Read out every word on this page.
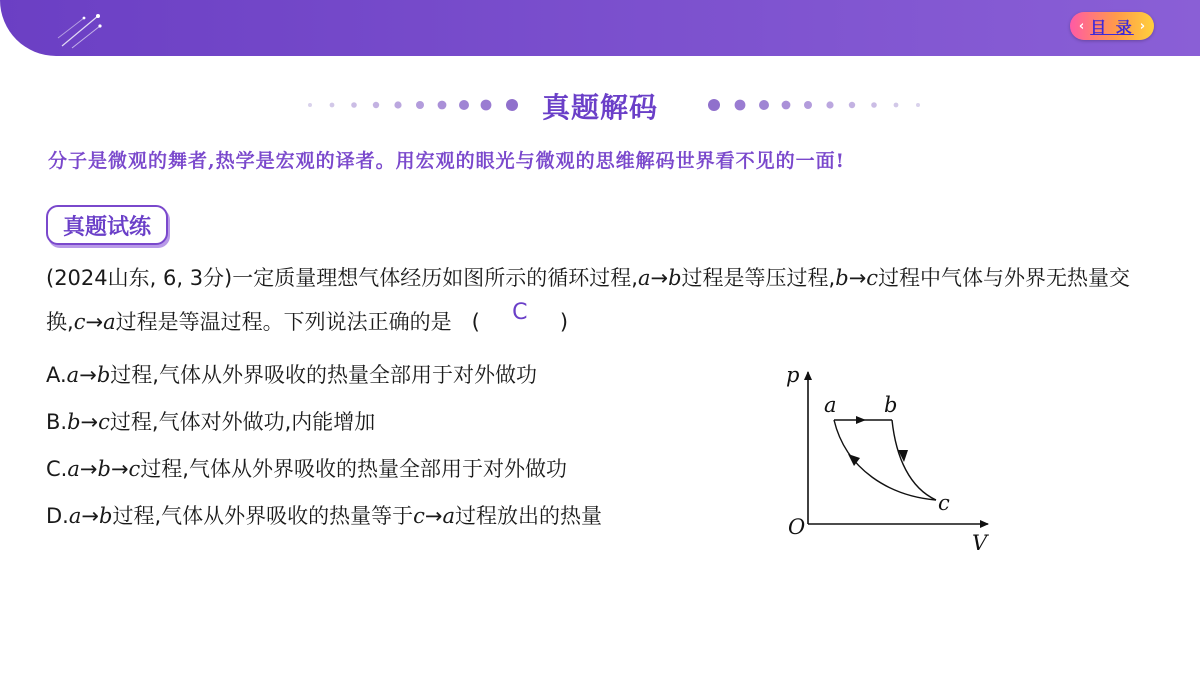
‹ 目 录 ›
真题解码
分子是微观的舞者,热学是宏观的译者。用宏观的眼光与微观的思维解码世界看不见的一面!
真题试练
(2024山东, 6, 3分)一定质量理想气体经历如图所示的循环过程,a→b过程是等压过程,b→c过程中气体与外界无热量交换,c→a过程是等温过程。下列说法正确的是 ( C )
A.a→b过程,气体从外界吸收的热量全部用于对外做功
B.b→c过程,气体对外做功,内能增加
C.a→b→c过程,气体从外界吸收的热量全部用于对外做功
D.a→b过程,气体从外界吸收的热量等于c→a过程放出的热量
p
V
O
a b
c
